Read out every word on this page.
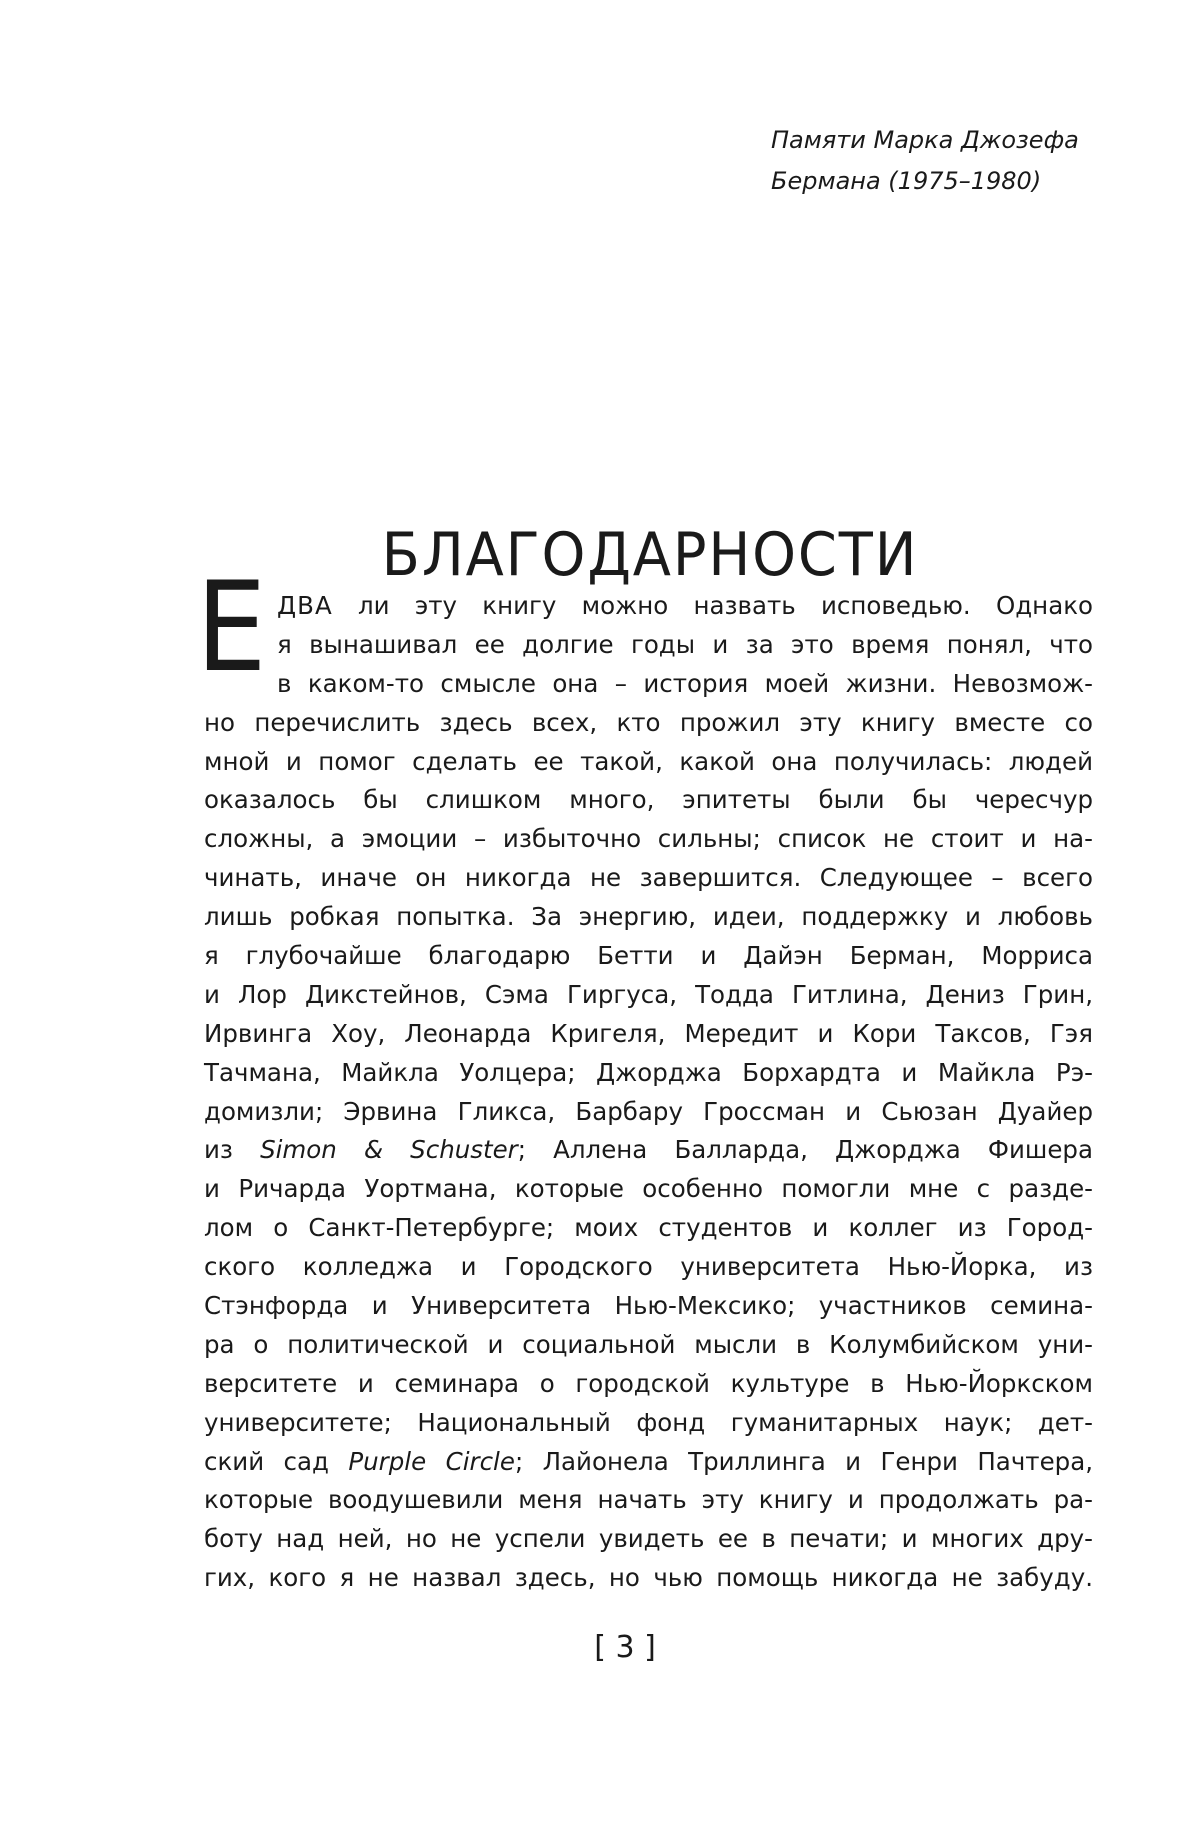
Памяти Марка Джозефа
Бермана (1975–1980)
БЛАГОДАРНОСТИ
Е ДВА ли эту книгу можно назвать исповедью. Однако
я вынашивал ее долгие годы и за это время понял, что
в каком-то смысле она – история моей жизни. Невозмож-
но перечислить здесь всех, кто прожил эту книгу вместе со
мной и помог сделать ее такой, какой она получилась: людей
оказалось бы слишком много, эпитеты были бы чересчур
сложны, а эмоции – избыточно сильны; список не стоит и на-
чинать, иначе он никогда не завершится. Следующее – всего
лишь робкая попытка. За энергию, идеи, поддержку и любовь
я глубочайше благодарю Бетти и Дайэн Берман, Морриса
и Лор Дикстейнов, Сэма Гиргуса, Тодда Гитлина, Дениз Грин,
Ирвинга Хоу, Леонарда Кригеля, Мередит и Кори Таксов, Гэя
Тачмана, Майкла Уолцера; Джорджа Борхардта и Майкла Рэ-
домизли; Эрвина Гликса, Барбару Гроссман и Сьюзан Дуайер
из Simon & Schuster; Аллена Балларда, Джорджа Фишера
и Ричарда Уортмана, которые особенно помогли мне с разде-
лом о Санкт-Петербурге; моих студентов и коллег из Город-
ского колледжа и Городского университета Нью-Йорка, из
Стэнфорда и Университета Нью-Мексико; участников семина-
ра о политической и социальной мысли в Колумбийском уни-
верситете и семинара о городской культуре в Нью-Йоркском
университете; Национальный фонд гуманитарных наук; дет-
ский сад Purple Circle; Лайонела Триллинга и Генри Пачтера,
которые воодушевили меня начать эту книгу и продолжать ра-
боту над ней, но не успели увидеть ее в печати; и многих дру-
гих, кого я не назвал здесь, но чью помощь никогда не забуду.
[ 3 ]
